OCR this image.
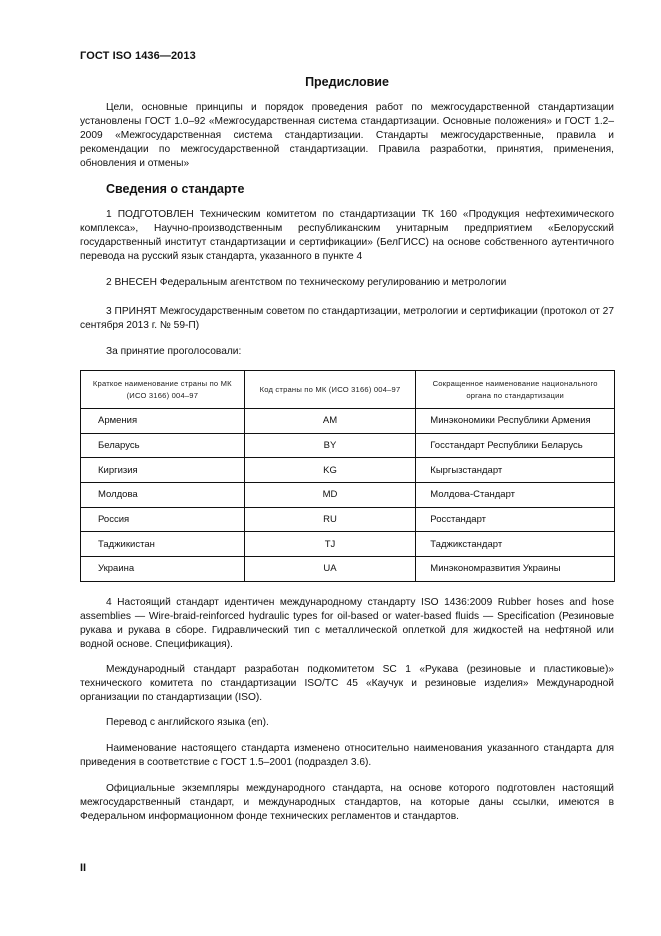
ГОСТ ISO 1436—2013
Предисловие

Цели, основные принципы и порядок проведения работ по межгосударственной стандартизации установлены ГОСТ 1.0–92 «Межгосударственная система стандартизации. Основные положения» и ГОСТ 1.2–2009 «Межгосударственная система стандартизации. Стандарты межгосударственные, правила и рекомендации по межгосударственной стандартизации. Правила разработки, принятия, применения, обновления и отмены»

Сведения о стандарте

1 ПОДГОТОВЛЕН Техническим комитетом по стандартизации ТК 160 «Продукция нефтехимического комплекса», Научно-производственным республиканским унитарным предприятием «Белорусский государственный институт стандартизации и сертификации» (БелГИСС) на основе собственного аутентичного перевода на русский язык стандарта, указанного в пункте 4

2 ВНЕСЕН Федеральным агентством по техническому регулированию и метрологии

3 ПРИНЯТ Межгосударственным советом по стандартизации, метрологии и сертификации (протокол от 27 сентября 2013 г. № 59-П)

За принятие проголосовали:

Краткое наименование страны по МК (ИСО 3166) 004–97	Код страны по МК (ИСО 3166) 004–97	Сокращенное наименование национального органа по стандартизации
Армения	AM	Минэкономики Республики Армения
Беларусь	BY	Госстандарт Республики Беларусь
Киргизия	KG	Кыргызстандарт
Молдова	MD	Молдова-Стандарт
Россия	RU	Росстандарт
Таджикистан	TJ	Таджикстандарт
Украина	UA	Минэкономразвития Украины

4 Настоящий стандарт идентичен международному стандарту ISO 1436:2009 Rubber hoses and hose assemblies — Wire-braid-reinforced hydraulic types for oil-based or water-based fluids — Specification (Резиновые рукава и рукава в сборе. Гидравлический тип с металлической оплеткой для жидкостей на нефтяной или водной основе. Спецификация).

Международный стандарт разработан подкомитетом SC 1 «Рукава (резиновые и пластиковые)» технического комитета по стандартизации ISO/TC 45 «Каучук и резиновые изделия» Международной организации по стандартизации (ISO).

Перевод с английского языка (en).

Наименование настоящего стандарта изменено относительно наименования указанного стандарта для приведения в соответствие с ГОСТ 1.5–2001 (подраздел 3.6).

Официальные экземпляры международного стандарта, на основе которого подготовлен настоящий межгосударственный стандарт, и международных стандартов, на которые даны ссылки, имеются в Федеральном информационном фонде технических регламентов и стандартов.

II
